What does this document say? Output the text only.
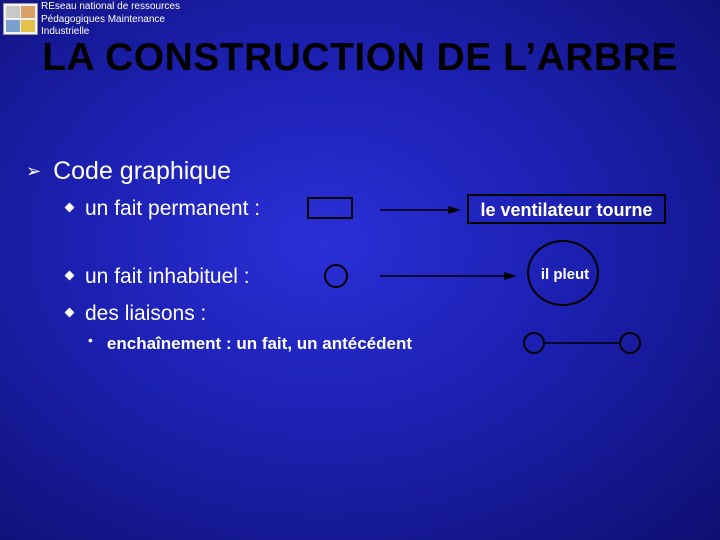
REseau national de ressources
Pédagogiques Maintenance
Industrielle
LA CONSTRUCTION DE L’ARBRE
➢ Code graphique
un fait permanent :
un fait inhabituel :
des liaisons :
• enchaînement : un fait, un antécédent
le ventilateur tourne
il pleut
